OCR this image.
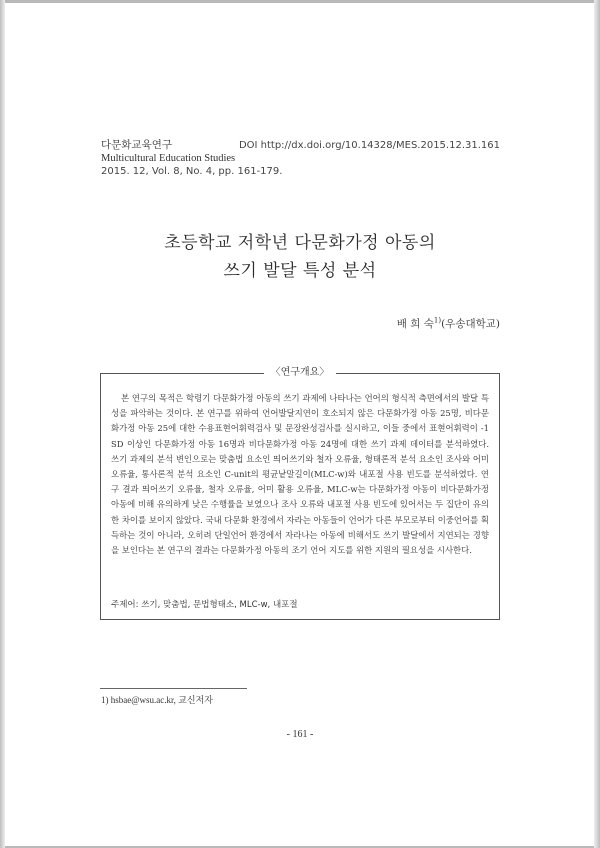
다문화교육연구
Multicultural Education Studies
2015. 12, Vol. 8, No. 4, pp. 161-179.
DOI http://dx.doi.org/10.14328/MES.2015.12.31.161
초등학교 저학년 다문화가정 아동의
쓰기 발달 특성 분석
배 희 숙$^{1)}$(우송대학교)
〈연구개요〉

본 연구의 목적은 학령기 다문화가정 아동의 쓰기 과제에 나타나는 언어의 형식적 측면에서의 발달 특성을 파악하는 것이다. 본 연구를 위하여 언어발달지연이 호소되지 않은 다문화가정 아동 25명, 비다문화가정 아동 25에 대한 수용표현어휘력검사 및 문장완성검사를 실시하고, 이들 중에서 표현어휘력이 -1 SD 이상인 다문화가정 아동 16명과 비다문화가정 아동 24명에 대한 쓰기 과제 데이터를 분석하였다. 쓰기 과제의 분석 변인으로는 맞춤법 요소인 띄어쓰기와 철자 오류율, 형태론적 분석 요소인 조사와 어미 오류율, 통사론적 분석 요소인 C-unit의 평균낱말길이(MLC-w)와 내포절 사용 빈도를 분석하였다. 연구 결과 띄어쓰기 오류율, 철자 오류율, 어미 활용 오류율, MLC-w는 다문화가정 아동이 비다문화가정 아동에 비해 유의하게 낮은 수행률을 보였으나 조사 오류와 내포절 사용 빈도에 있어서는 두 집단이 유의한 차이를 보이지 않았다. 국내 다문화 환경에서 자라는 아동들이 언어가 다른 부모로부터 이중언어를 획득하는 것이 아니라, 오히려 단일언어 환경에서 자라나는 아동에 비해서도 쓰기 발달에서 지연되는 경향을 보인다는 본 연구의 결과는 다문화가정 아동의 조기 언어 지도를 위한 지원의 필요성을 시사한다.

주제어: 쓰기, 맞춤법, 문법형태소, MLC-w, 내포절
1) hsbae@wsu.ac.kr, 교신저자
- 161 -
